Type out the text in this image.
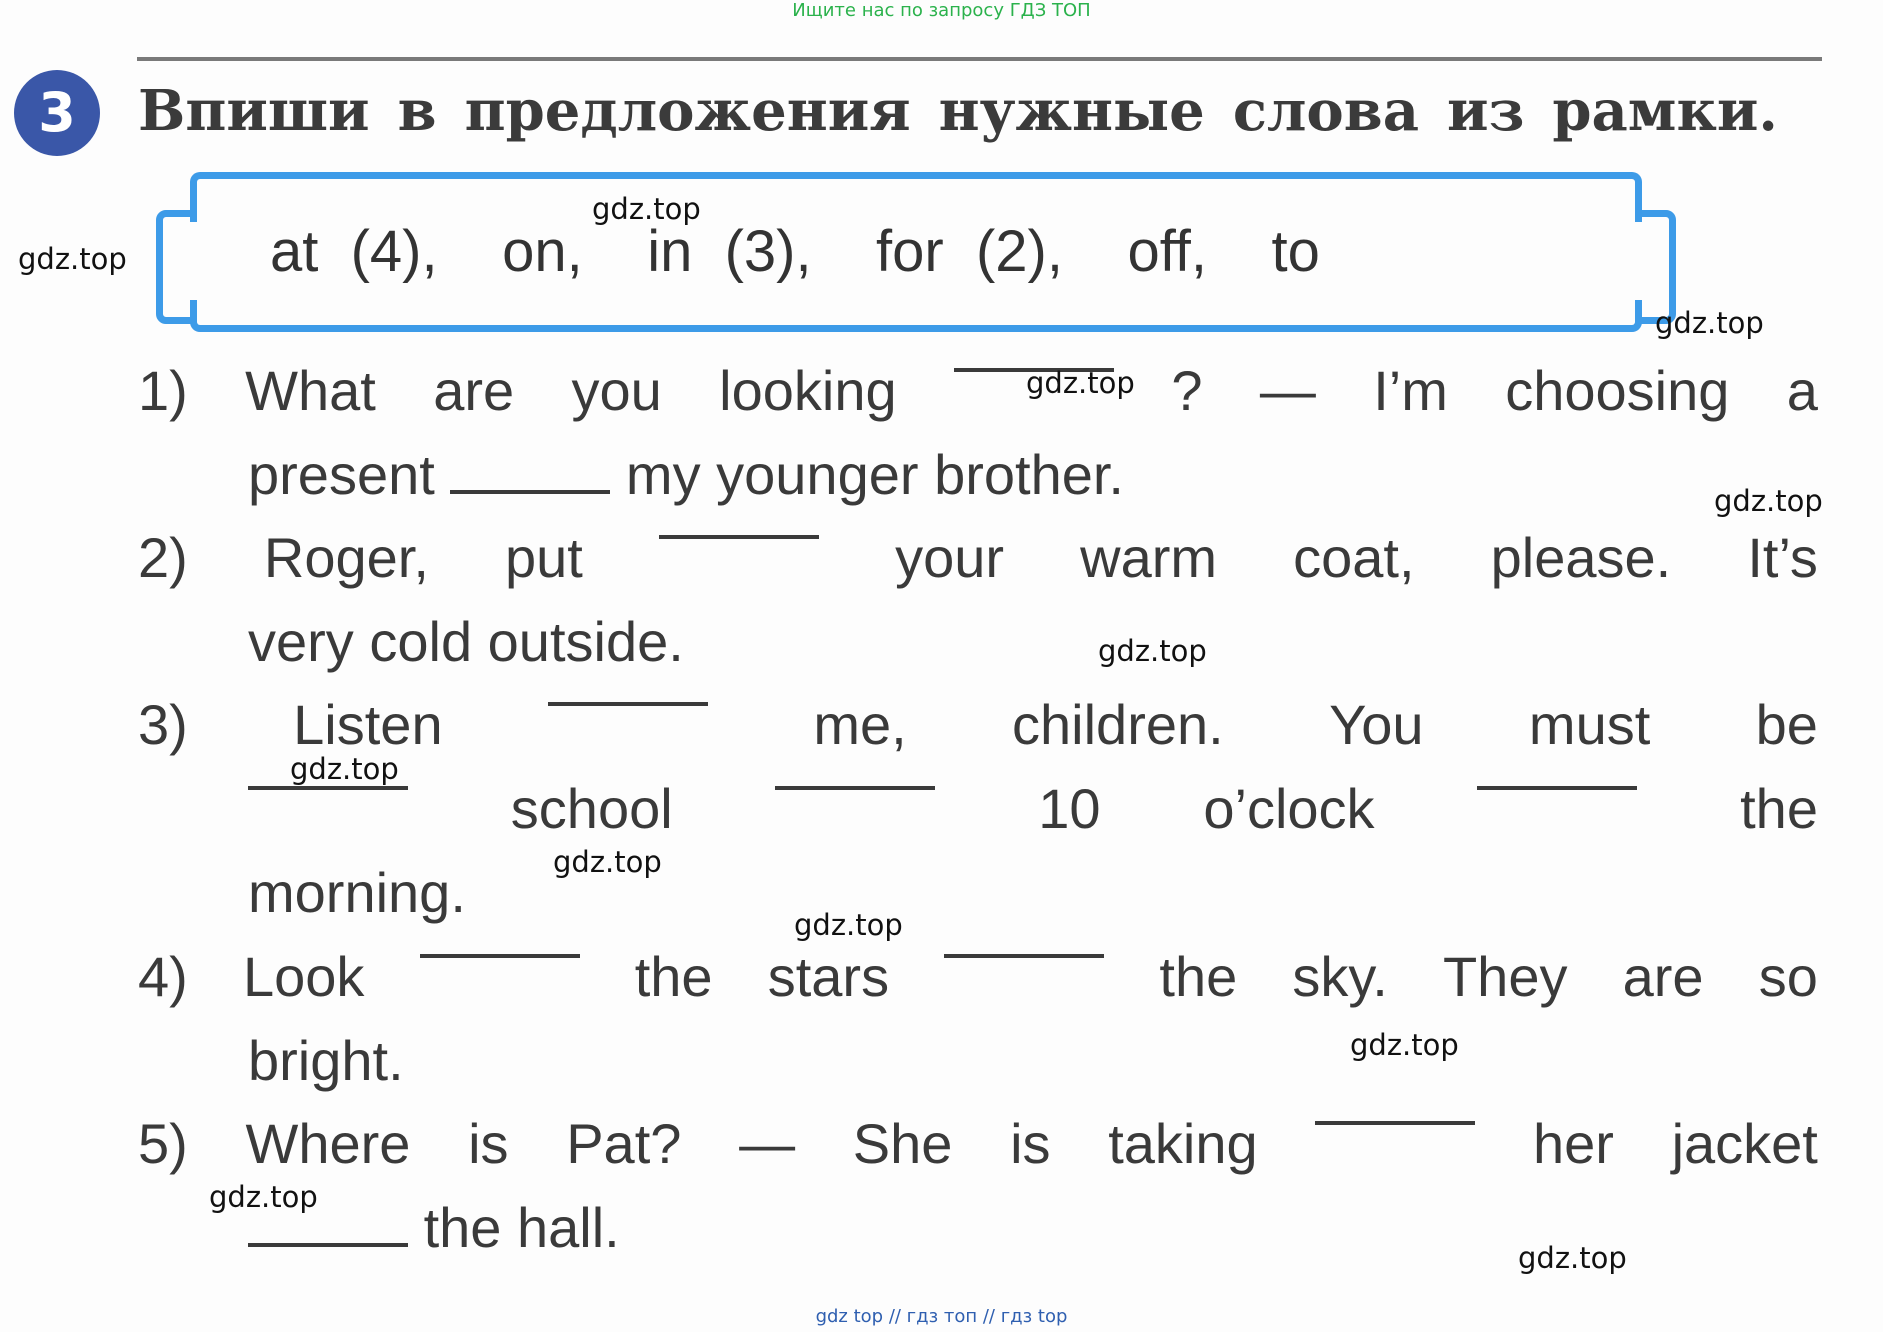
Ищите нас по запросу ГДЗ ТОП
3	Впиши в предложения нужные слова из рамки.
at
(4),
on,
in
(3),
for
(2),
off,
to
1) What are you looking	? — I’m choosing a
present	my younger brother.
2) Roger, put	your warm coat, please. It’s
very cold outside.
3) Listen	me, children. You must be
school	10 o’clock	the
morning.
4) Look	the stars	the sky. They are so
bright.
5) Where is Pat? — She is taking	her jacket
the hall.
gdz.top
gdz.top
gdz.top
gdz.top
gdz.top
gdz.top
gdz.top
gdz.top
gdz.top
gdz.top
gdz.top
gdz.top
gdz top // гдз топ // гдз top
